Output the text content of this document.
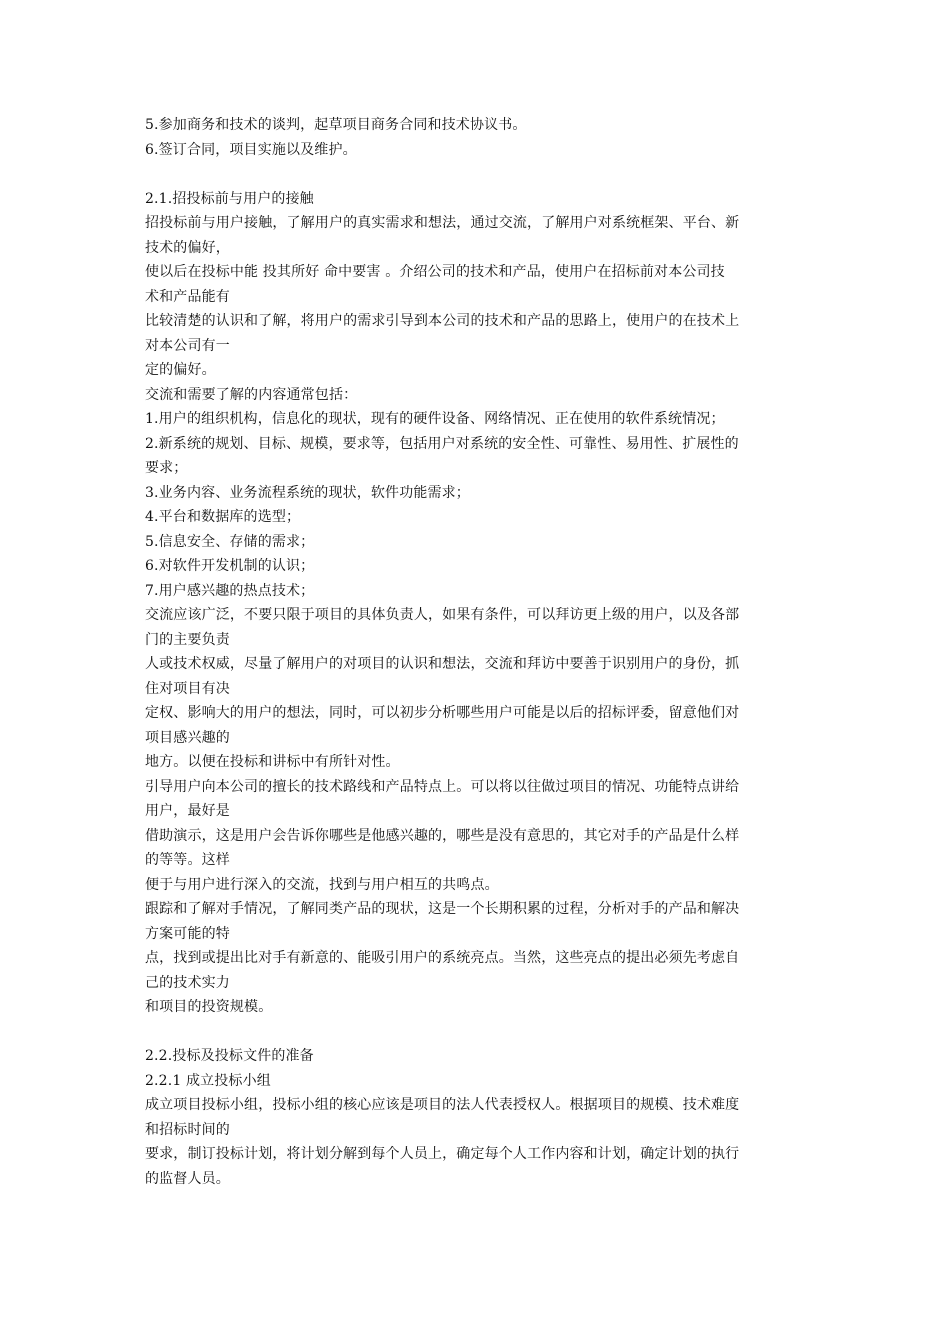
5.参加商务和技术的谈判，起草项目商务合同和技术协议书。
6.签订合同，项目实施以及维护。
2.1.招投标前与用户的接触
招投标前与用户接触，了解用户的真实需求和想法，通过交流，了解用户对系统框架、平台、新
技术的偏好，
使以后在投标中能 投其所好 命中要害 。介绍公司的技术和产品，使用户在招标前对本公司技
术和产品能有
比较清楚的认识和了解，将用户的需求引导到本公司的技术和产品的思路上，使用户的在技术上
对本公司有一
定的偏好。
交流和需要了解的内容通常包括：
1.用户的组织机构，信息化的现状，现有的硬件设备、网络情况、正在使用的软件系统情况；
2.新系统的规划、目标、规模，要求等，包括用户对系统的安全性、可靠性、易用性、扩展性的
要求；
3.业务内容、业务流程系统的现状，软件功能需求；
4.平台和数据库的选型；
5.信息安全、存储的需求；
6.对软件开发机制的认识；
7.用户感兴趣的热点技术；
交流应该广泛，不要只限于项目的具体负责人，如果有条件，可以拜访更上级的用户，以及各部
门的主要负责
人或技术权威，尽量了解用户的对项目的认识和想法，交流和拜访中要善于识别用户的身份，抓
住对项目有决
定权、影响大的用户的想法，同时，可以初步分析哪些用户可能是以后的招标评委，留意他们对
项目感兴趣的
地方。以便在投标和讲标中有所针对性。
引导用户向本公司的擅长的技术路线和产品特点上。可以将以往做过项目的情况、功能特点讲给
用户，最好是
借助演示，这是用户会告诉你哪些是他感兴趣的，哪些是没有意思的，其它对手的产品是什么样
的等等。这样
便于与用户进行深入的交流，找到与用户相互的共鸣点。
跟踪和了解对手情况，了解同类产品的现状，这是一个长期积累的过程，分析对手的产品和解决
方案可能的特
点，找到或提出比对手有新意的、能吸引用户的系统亮点。当然，这些亮点的提出必须先考虑自
己的技术实力
和项目的投资规模。
2.2.投标及投标文件的准备
2.2.1 成立投标小组
成立项目投标小组，投标小组的核心应该是项目的法人代表授权人。根据项目的规模、技术难度
和招标时间的
要求，制订投标计划，将计划分解到每个人员上，确定每个人工作内容和计划，确定计划的执行
的监督人员。
